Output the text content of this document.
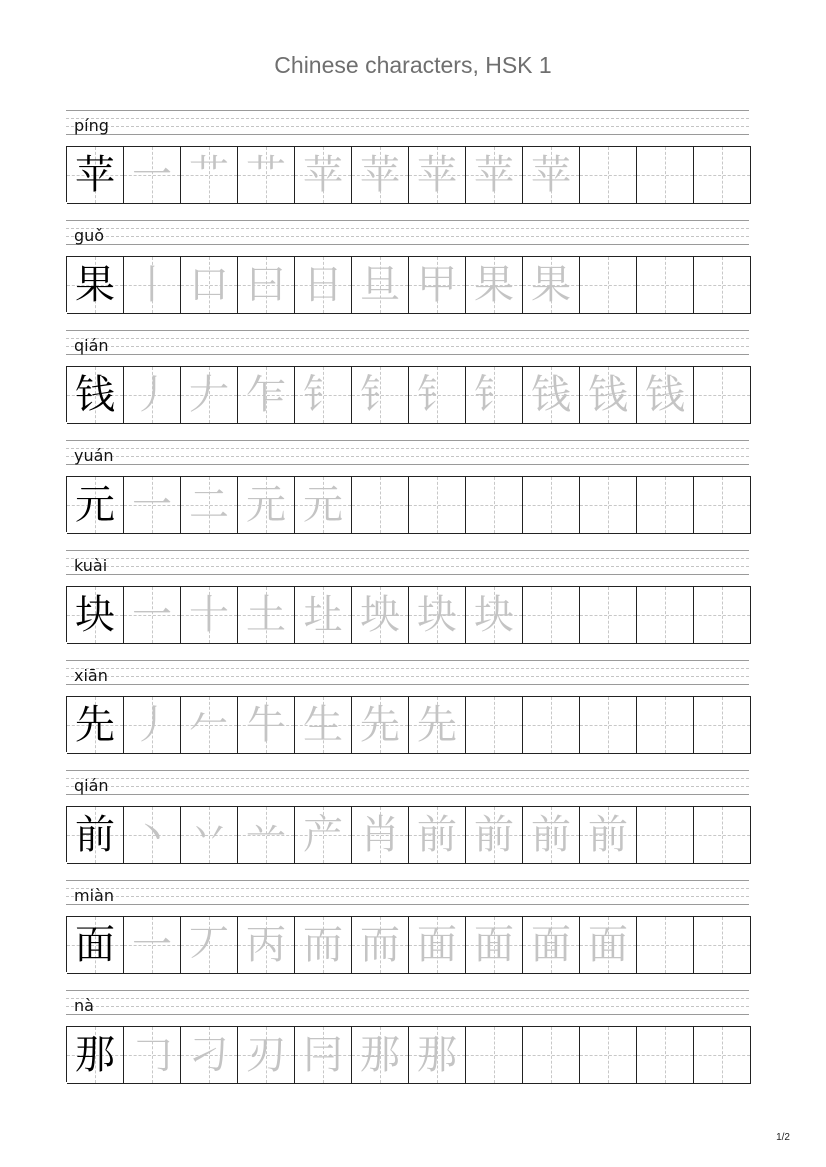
Chinese characters, HSK 1
píng
苹 一 艹 艹 苹 苹 苹 苹 苹
guǒ
果 丨 口 曰 日 旦 甲 果 果
qián
钱 丿 𠂇 乍 钅 钅 钅 钅 钱 钱 钱
yuán
元 一 二 元 元
kuài
块 一 十 土 圵 坱 块 块
xiān
先 丿 𠂉 牛 生 先 先
qián
前 丶 丷 䒑 产 肖 前 前 前 前
miàn
面 一 丆 丙 而 而 面 面 面 面
nà
那 𠃌 刁 刃 冃 那 那
1/2
